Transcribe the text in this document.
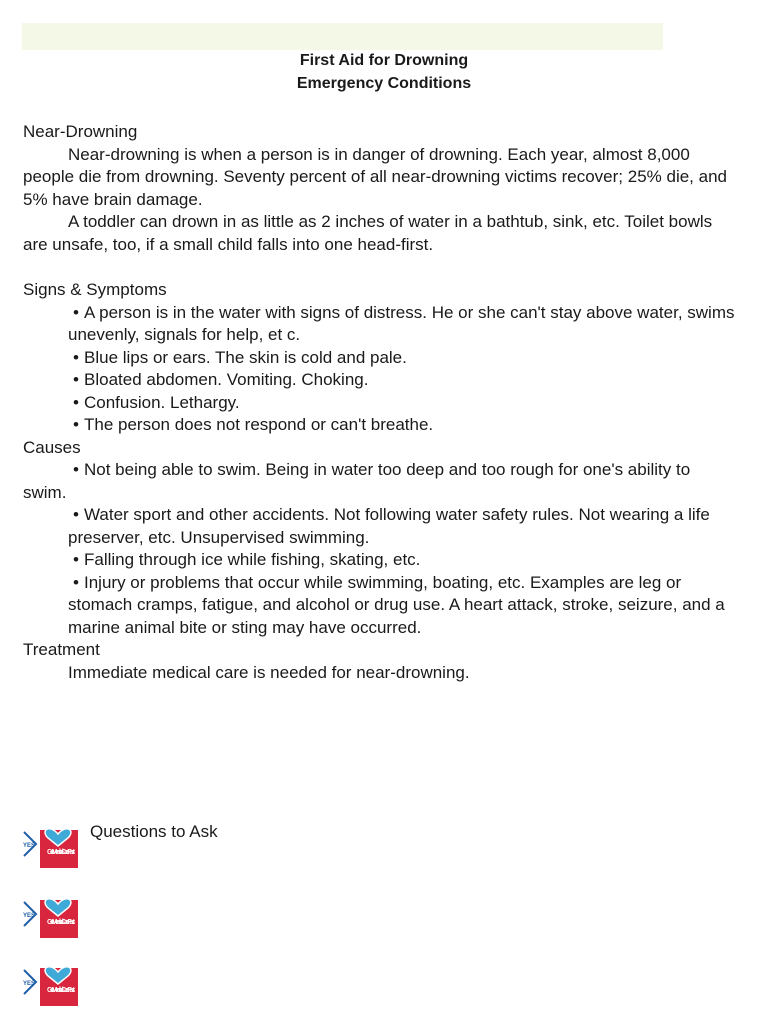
First Aid for Drowning
Emergency Conditions

Near-Drowning

Near-drowning is when a person is in danger of drowning. Each year, almost 8,000 people die from drowning. Seventy percent of all near-drowning victims recover; 25% die, and 5% have brain damage.

A toddler can drown in as little as 2 inches of water in a bathtub, sink, etc. Toilet bowls are unsafe, too, if a small child falls into one head-first.

Signs & Symptoms

• A person is in the water with signs of distress. He or she can't stay above water, swims unevenly, signals for help, et c.
• Blue lips or ears. The skin is cold and pale.
• Bloated abdomen. Vomiting. Choking.
• Confusion. Lethargy.
• The person does not respond or can't breathe.

Causes

• Not being able to swim. Being in water too deep and too rough for one's ability to swim.

• Water sport and other accidents. Not following water safety rules. Not wearing a life preserver, etc. Unsupervised swimming.
• Falling through ice while fishing, skating, etc.
• Injury or problems that occur while swimming, boating, etc. Examples are leg or stomach cramps, fatigue, and alcohol or drug use. A heart attack, stroke, seizure, and a marine animal bite or sting may have occurred.

Treatment

Immediate medical care is needed for near-drowning.

YES
Get Medical Care Fast
Questions to Ask
YES
Get Medical Care Fast
YES
Get Medical Care Fast
